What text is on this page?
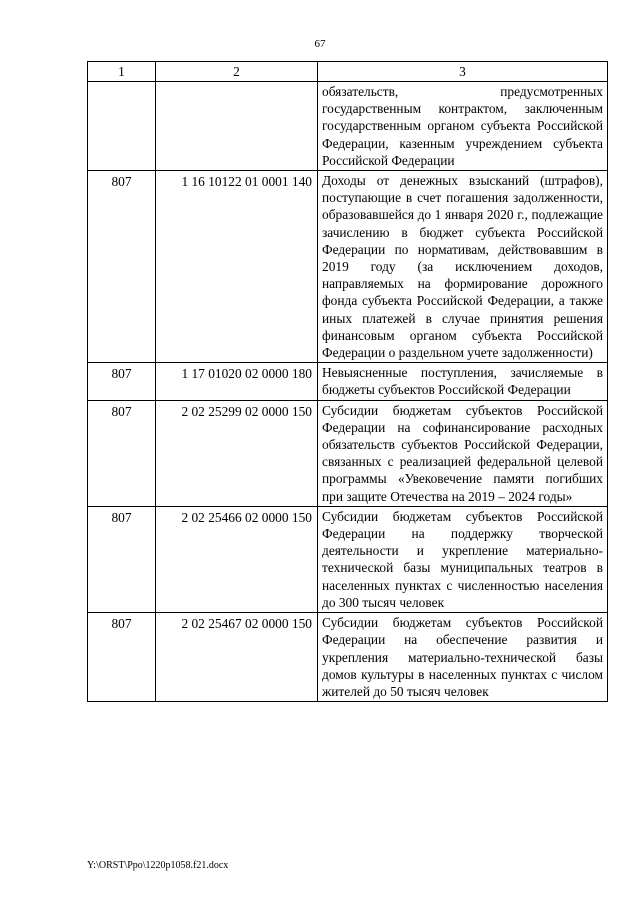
67
1	2	3
		обязательств, предусмотренных государственным контрактом, заключенным государственным органом субъекта Российской Федерации, казенным учреждением субъекта Российской Федерации
807	1 16 10122 01 0001 140	Доходы от денежных взысканий (штрафов), поступающие в счет погашения задолженности, образовавшейся до 1 января 2020 г., подлежащие зачислению в бюджет субъекта Российской Федерации по нормативам, действовавшим в 2019 году (за исключением доходов, направляемых на формирование дорожного фонда субъекта Российской Федерации, а также иных платежей в случае принятия решения финансовым органом субъекта Российской Федерации о раздельном учете задолженности)
807	1 17 01020 02 0000 180	Невыясненные поступления, зачисляемые в бюджеты субъектов Российской Федерации
807	2 02 25299 02 0000 150	Субсидии бюджетам субъектов Российской Федерации на софинансирование расходных обязательств субъектов Российской Федерации, связанных с реализацией федеральной целевой программы «Увековечение памяти погибших при защите Отечества на 2019 – 2024 годы»
807	2 02 25466 02 0000 150	Субсидии бюджетам субъектов Российской Федерации на поддержку творческой деятельности и укрепление материально-технической базы муниципальных театров в населенных пунктах с численностью населения до 300 тысяч человек
807	2 02 25467 02 0000 150	Субсидии бюджетам субъектов Российской Федерации на обеспечение развития и укрепления материально-технической базы домов культуры в населенных пунктах с числом жителей до 50 тысяч человек
Y:\ORST\Ppo\1220p1058.f21.docx
